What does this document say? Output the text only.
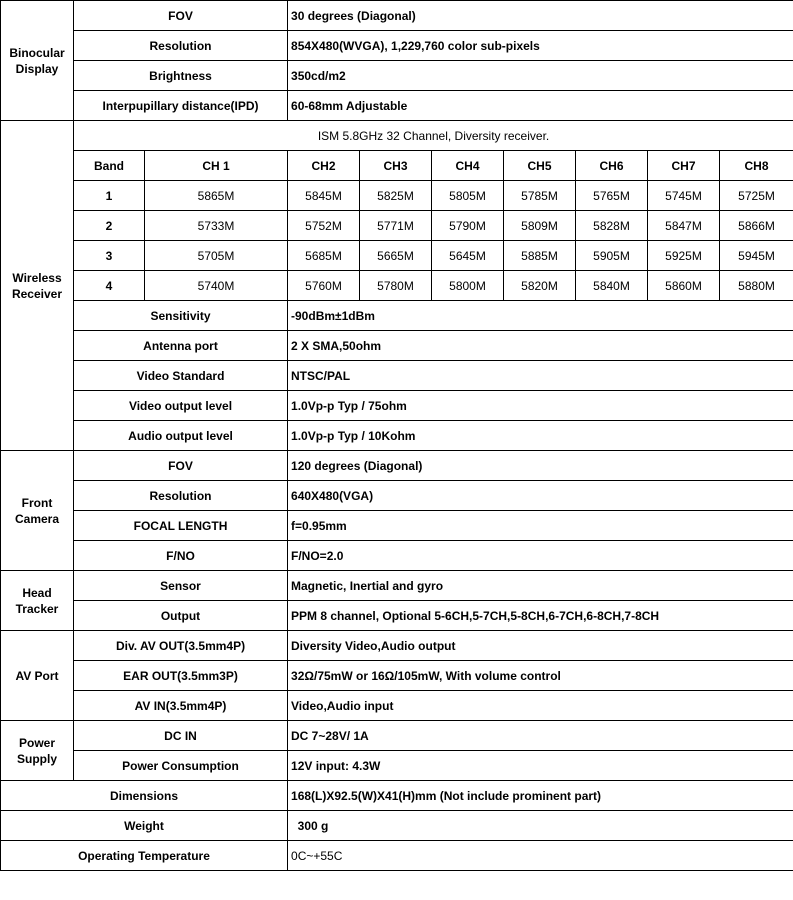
Binocular Display	FOV		30 degrees (Diagonal)						
	Resolution		854X480(WVGA), 1,229,760 color sub-pixels						
	Brightness		350cd/m2						
	Interpupillary distance(IPD)		60-68mm Adjustable						
Wireless Receiver	ISM 5.8GHz 32 Channel, Diversity receiver.								
	Band	CH 1	CH2	CH3	CH4	CH5	CH6	CH7	CH8
	1	5865M	5845M	5825M	5805M	5785M	5765M	5745M	5725M
	2	5733M	5752M	5771M	5790M	5809M	5828M	5847M	5866M
	3	5705M	5685M	5665M	5645M	5885M	5905M	5925M	5945M
	4	5740M	5760M	5780M	5800M	5820M	5840M	5860M	5880M
	Sensitivity		-90dBm±1dBm						
	Antenna port		2 X SMA,50ohm						
	Video Standard		NTSC/PAL						
	Video output level		1.0Vp-p Typ / 75ohm						
	Audio output level		1.0Vp-p Typ / 10Kohm						
Front Camera	FOV		120 degrees (Diagonal)						
	Resolution		640X480(VGA)						
	FOCAL LENGTH		f=0.95mm						
	F/NO		F/NO=2.0						
Head Tracker	Sensor		Magnetic, Inertial and gyro						
	Output		PPM 8 channel, Optional 5-6CH,5-7CH,5-8CH,6-7CH,6-8CH,7-8CH						
AV Port	Div. AV OUT(3.5mm4P)		Diversity Video,Audio output						
	EAR OUT(3.5mm3P)		32Ω/75mW or 16Ω/105mW, With volume control						
	AV IN(3.5mm4P)		Video,Audio input						
Power Supply	DC IN		DC 7~28V/ 1A						
	Power Consumption		12V input: 4.3W						
Dimensions			168(L)X92.5(W)X41(H)mm (Not include prominent part)						
Weight			300 g						
Operating Temperature			0C~+55C						
